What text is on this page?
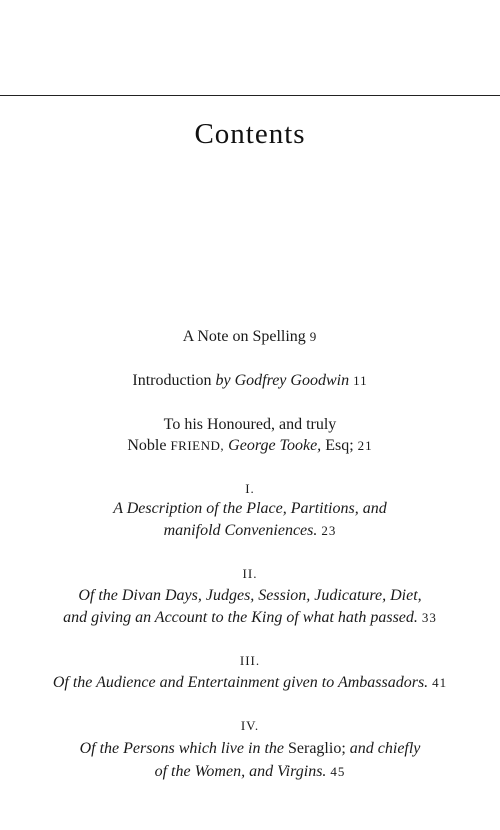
Contents
A Note on Spelling 9
Introduction by Godfrey Goodwin 11
To his Honoured, and truly
Noble FRIEND, George Tooke, Esq; 21
I.
A Description of the Place, Partitions, and
manifold Conveniences. 23
II.
Of the Divan Days, Judges, Session, Judicature, Diet,
and giving an Account to the King of what hath passed. 33
III.
Of the Audience and Entertainment given to Ambassadors. 41
IV.
Of the Persons which live in the Seraglio; and chiefly
of the Women, and Virgins. 45
